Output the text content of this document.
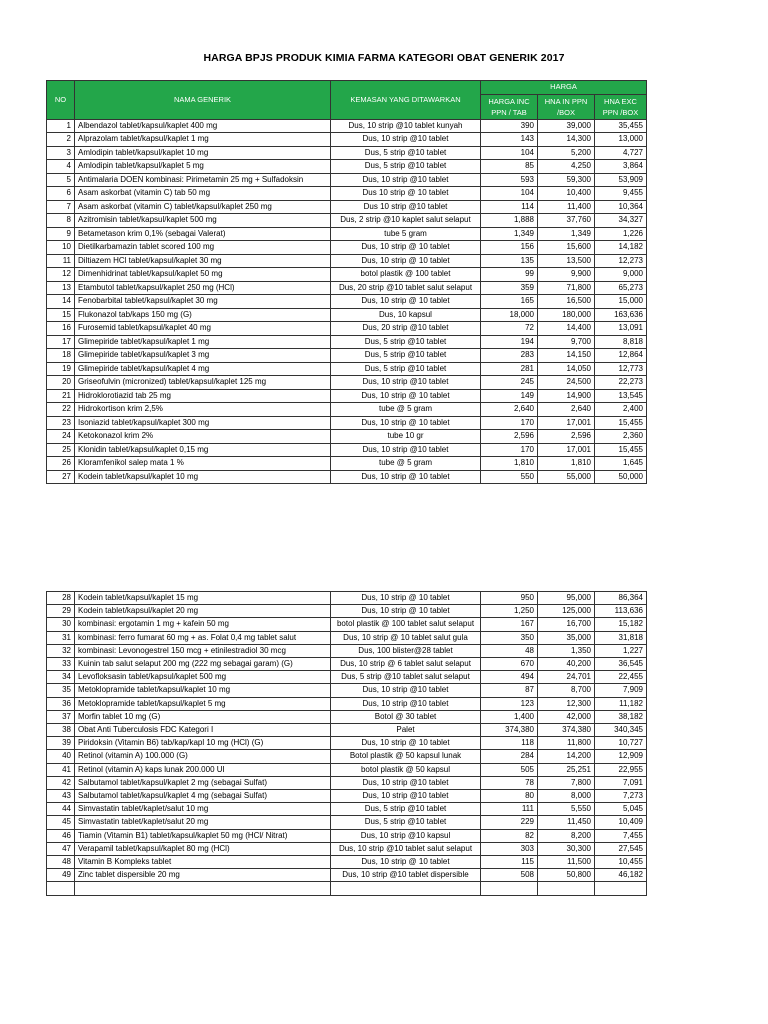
HARGA BPJS PRODUK KIMIA FARMA KATEGORI OBAT GENERIK 2017
NO	NAMA GENERIK	KEMASAN YANG DITAWARKAN	HARGA		
			HARGA INC PPN / TAB	HNA IN PPN /BOX	HNA EXC PPN /BOX
1	Albendazol tablet/kapsul/kaplet 400 mg	Dus, 10 strip @10 tablet kunyah	390	39,000	35,455
2	Alprazolam tablet/kapsul/kaplet 1 mg	Dus, 10 strip @10 tablet	143	14,300	13,000
3	Amlodipin tablet/kapsul/kaplet 10 mg	Dus, 5 strip @10 tablet	104	5,200	4,727
4	Amlodipin tablet/kapsul/kaplet 5 mg	Dus, 5 strip @10 tablet	85	4,250	3,864
5	Antimalaria DOEN kombinasi: Pirimetamin 25 mg + Sulfadoksin	Dus, 10 strip @10 tablet	593	59,300	53,909
6	Asam askorbat (vitamin C) tab 50 mg	Dus 10 strip @ 10 tablet	104	10,400	9,455
7	Asam askorbat (vitamin C) tablet/kapsul/kaplet 250 mg	Dus 10 strip @10 tablet	114	11,400	10,364
8	Azitromisin tablet/kapsul/kaplet 500 mg	Dus, 2 strip @10 kaplet salut selaput	1,888	37,760	34,327
9	Betametason krim 0,1% (sebagai Valerat)	tube 5 gram	1,349	1,349	1,226
10	Dietilkarbamazin tablet scored 100 mg	Dus, 10 strip @ 10 tablet	156	15,600	14,182
11	Diltiazem HCl tablet/kapsul/kaplet 30 mg	Dus, 10 strip @ 10 tablet	135	13,500	12,273
12	Dimenhidrinat tablet/kapsul/kaplet 50 mg	botol plastik @ 100 tablet	99	9,900	9,000
13	Etambutol tablet/kapsul/kaplet 250 mg (HCl)	Dus, 20 strip @10 tablet salut selaput	359	71,800	65,273
14	Fenobarbital tablet/kapsul/kaplet 30 mg	Dus, 10 strip @ 10 tablet	165	16,500	15,000
15	Flukonazol tab/kaps 150 mg (G)	Dus, 10 kapsul	18,000	180,000	163,636
16	Furosemid tablet/kapsul/kaplet 40 mg	Dus, 20 strip @10 tablet	72	14,400	13,091
17	Glimepiride tablet/kapsul/kaplet 1 mg	Dus, 5 strip @10 tablet	194	9,700	8,818
18	Glimepiride tablet/kapsul/kaplet 3 mg	Dus, 5 strip @10 tablet	283	14,150	12,864
19	Glimepiride tablet/kapsul/kaplet 4 mg	Dus, 5 strip @10 tablet	281	14,050	12,773
20	Griseofulvin (micronized) tablet/kapsul/kaplet 125 mg	Dus, 10 strip @10 tablet	245	24,500	22,273
21	Hidroklorotiazid tab 25 mg	Dus, 10 strip @ 10 tablet	149	14,900	13,545
22	Hidrokortison krim 2,5%	tube @ 5 gram	2,640	2,640	2,400
23	Isoniazid tablet/kapsul/kaplet 300 mg	Dus, 10 strip @ 10 tablet	170	17,001	15,455
24	Ketokonazol krim 2%	tube 10 gr	2,596	2,596	2,360
25	Klonidin tablet/kapsul/kaplet 0,15 mg	Dus, 10 strip @10 tablet	170	17,001	15,455
26	Kloramfenikol salep mata 1 %	tube @ 5 gram	1,810	1,810	1,645
27	Kodein tablet/kapsul/kaplet 10 mg	Dus, 10 strip @ 10 tablet	550	55,000	50,000
28	Kodein tablet/kapsul/kaplet 15 mg	Dus, 10 strip @ 10 tablet	950	95,000	86,364
29	Kodein tablet/kapsul/kaplet 20 mg	Dus, 10 strip @ 10 tablet	1,250	125,000	113,636
30	kombinasi: ergotamin 1 mg + kafein 50 mg	botol plastik @ 100 tablet salut selaput	167	16,700	15,182
31	kombinasi: ferro fumarat 60 mg + as. Folat 0,4 mg tablet salut	Dus, 10 strip @ 10 tablet salut gula	350	35,000	31,818
32	kombinasi: Levonogestrel 150 mcg + etinilestradiol 30 mcg	Dus, 100 blister@28 tablet	48	1,350	1,227
33	Kuinin tab salut selaput 200 mg (222 mg sebagai garam) (G)	Dus, 10 strip @ 6 tablet salut selaput	670	40,200	36,545
34	Levofloksasin tablet/kapsul/kaplet 500 mg	Dus, 5 strip @10 tablet salut selaput	494	24,701	22,455
35	Metoklopramide tablet/kapsul/kaplet 10 mg	Dus, 10 strip @10 tablet	87	8,700	7,909
36	Metoklopramide tablet/kapsul/kaplet 5 mg	Dus, 10 strip @10 tablet	123	12,300	11,182
37	Morfin tablet 10 mg (G)	Botol @ 30 tablet	1,400	42,000	38,182
38	Obat Anti Tuberculosis FDC Kategori I	Palet	374,380	374,380	340,345
39	Piridoksin (Vitamin B6) tab/kap/kapl 10 mg (HCl) (G)	Dus, 10 strip @ 10 tablet	118	11,800	10,727
40	Retinol (vitamin A) 100.000 (G)	Botol plastik @ 50 kapsul lunak	284	14,200	12,909
41	Retinol (vitamin A) kaps lunak 200.000 UI	botol plastik @ 50 kapsul	505	25,251	22,955
42	Salbutamol tablet/kapsul/kaplet 2 mg (sebagai Sulfat)	Dus, 10 strip @10 tablet	78	7,800	7,091
43	Salbutamol tablet/kapsul/kaplet 4 mg (sebagai Sulfat)	Dus, 10 strip @10 tablet	80	8,000	7,273
44	Simvastatin tablet/kaplet/salut 10 mg	Dus, 5 strip @10 tablet	111	5,550	5,045
45	Simvastatin tablet/kaplet/salut 20 mg	Dus, 5 strip @10 tablet	229	11,450	10,409
46	Tiamin (Vitamin B1) tablet/kapsul/kaplet 50 mg (HCl/ Nitrat)	Dus, 10 strip @10 kapsul	82	8,200	7,455
47	Verapamil tablet/kapsul/kaplet 80 mg (HCl)	Dus, 10 strip @10 tablet salut selaput	303	30,300	27,545
48	Vitamin B Kompleks tablet	Dus, 10 strip @ 10 tablet	115	11,500	10,455
49	Zinc tablet dispersible 20 mg	Dus, 10 strip @10 tablet dispersible	508	50,800	46,182
